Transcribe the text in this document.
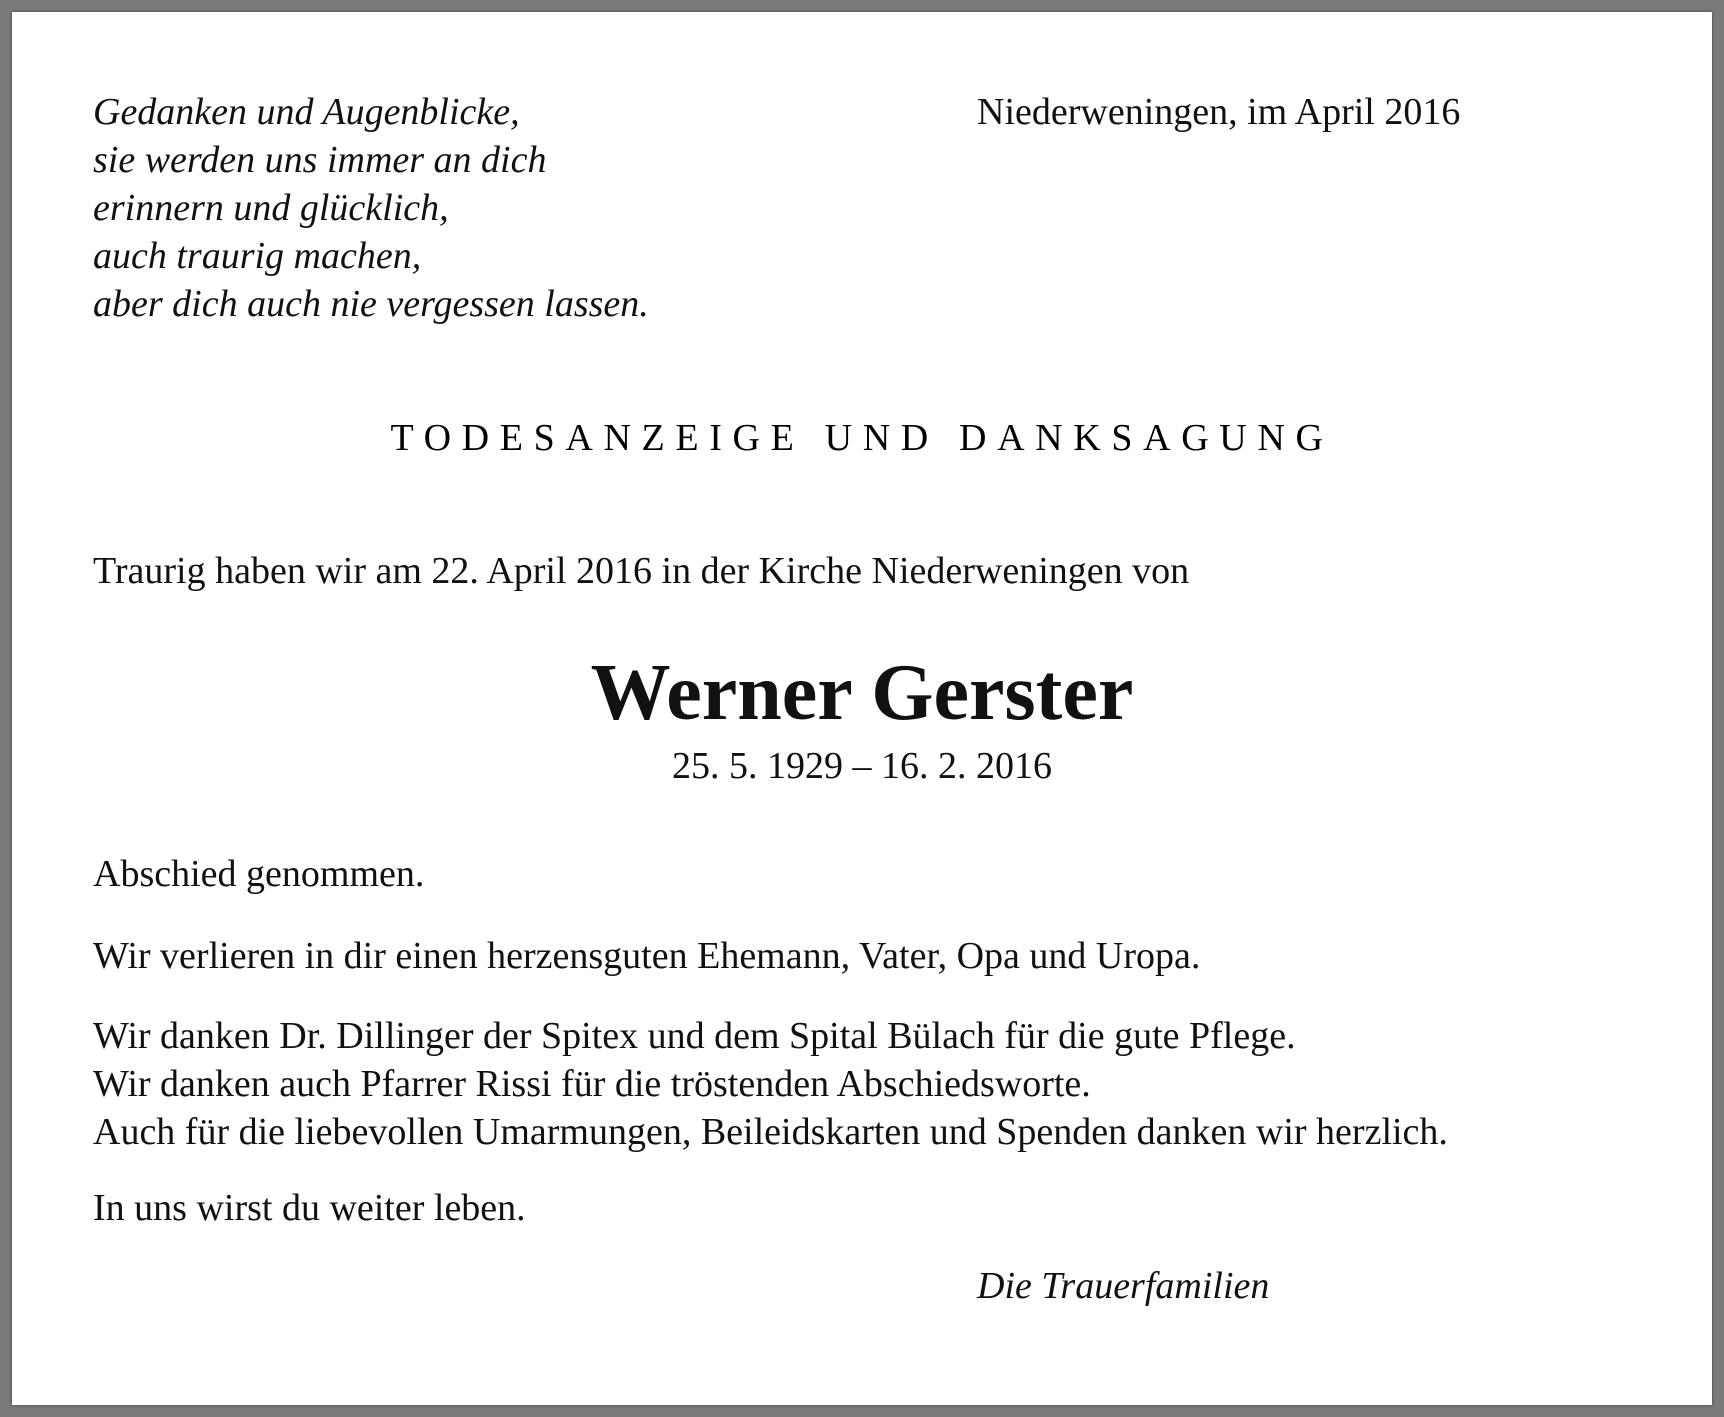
Gedanken und Augenblicke,
sie werden uns immer an dich
erinnern und glücklich,
auch traurig machen,
aber dich auch nie vergessen lassen.
Niederweningen, im April 2016
Traurig haben wir am 22. April 2016 in der Kirche Niederweningen von
Werner Gerster
25. 5. 1929 – 16. 2. 2016
Abschied genommen.
Wir verlieren in dir einen herzensguten Ehemann, Vater, Opa und Uropa.
Wir danken Dr. Dillinger der Spitex und dem Spital Bülach für die gute Pflege.
Wir danken auch Pfarrer Rissi für die tröstenden Abschiedsworte.
Auch für die liebevollen Umarmungen, Beileidskarten und Spenden danken wir herzlich.
In uns wirst du weiter leben.
Die Trauerfamilien
TODESANZEIGE UND DANKSAGUNG
